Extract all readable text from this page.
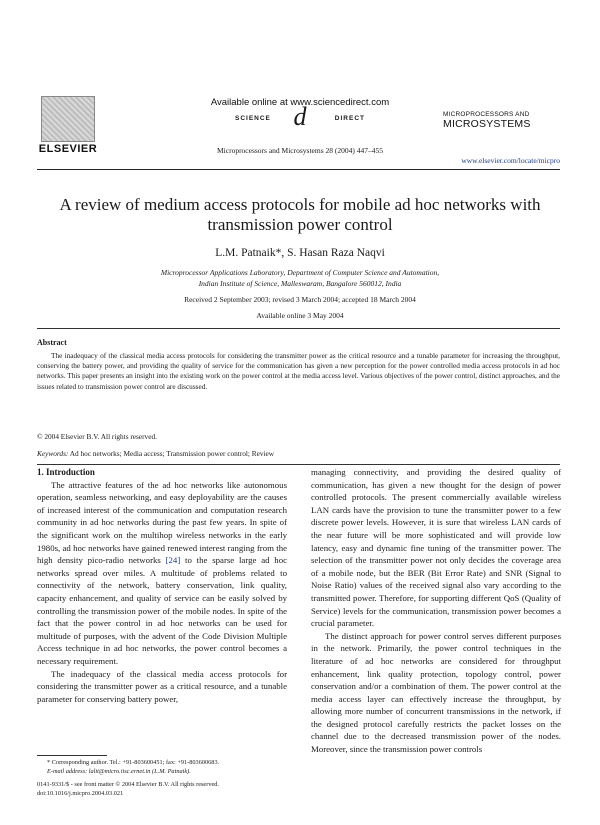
ELSEVIER
Available online at www.sciencedirect.com
SCIENCE d	DIRECT
Microprocessors and Microsystems 28 (2004) 447–455
MICROPROCESSORS AND
MICROSYSTEMS
www.elsevier.com/locate/micpro
A review of medium access protocols for mobile ad hoc networks with transmission power control
L.M. Patnaik*, S. Hasan Raza Naqvi
Microprocessor Applications Laboratory, Department of Computer Science and Automation,
Indian Institute of Science, Malleswaram, Bangalore 560012, India
Received 2 September 2003; revised 3 March 2004; accepted 18 March 2004
Available online 3 May 2004
Abstract
The inadequacy of the classical media access protocols for considering the transmitter power as the critical resource and a tunable parameter for increasing the throughput, conserving the battery power, and providing the quality of service for the communication has given a new perception for the power controlled media access protocols in ad hoc networks. This paper presents an insight into the existing work on the power control at the media access level. Various objectives of the power control, distinct approaches, and the issues related to transmission power control are discussed.
© 2004 Elsevier B.V. All rights reserved.
Keywords: Ad hoc networks; Media access; Transmission power control; Review

1. Introduction

The attractive features of the ad hoc networks like autonomous operation, seamless networking, and easy deployability are the causes of increased interest of the communication and computation research community in ad hoc networks during the past few years. In spite of the significant work on the multihop wireless networks in the early 1980s, ad hoc networks have gained renewed interest ranging from the high density pico-radio networks [24] to the sparse large ad hoc networks spread over miles. A multitude of problems related to connectivity of the network, battery conservation, link quality, capacity enhancement, and quality of service can be easily solved by controlling the transmission power of the mobile nodes. In spite of the fact that the power control in ad hoc networks can be used for multitude of purposes, with the advent of the Code Division Multiple Access technique in ad hoc networks, the power control becomes a necessary requirement.

The inadequacy of the classical media access protocols for considering the transmitter power as a critical resource, and a tunable parameter for conserving battery power,

managing connectivity, and providing the desired quality of communication, has given a new thought for the design of power controlled protocols. The present commercially available wireless LAN cards have the provision to tune the transmitter power to a few discrete power levels. However, it is sure that wireless LAN cards of the near future will be more sophisticated and will provide low latency, easy and dynamic fine tuning of the transmitter power. The selection of the transmitter power not only decides the coverage area of a mobile node, but the BER (Bit Error Rate) and SNR (Signal to Noise Ratio) values of the received signal also vary according to the transmitted power. Therefore, for supporting different QoS (Quality of Service) levels for the communication, transmission power becomes a crucial parameter.

The distinct approach for power control serves different purposes in the network. Primarily, the power control techniques in the literature of ad hoc networks are considered for throughput enhancement, link quality protection, topology control, power conservation and/or a combination of them. The power control at the media access layer can effectively increase the throughput, by allowing more number of concurrent transmissions in the network, if the designed protocol carefully restricts the packet losses on the channel due to the decreased transmission power of the nodes. Moreover, since the transmission power controls

* Corresponding author. Tel.: +91-803600451; fax: +91-803600683.
E-mail address: lalit@micro.iisc.ernet.in (L.M. Patnaik).
0141-9331/$ - see front matter © 2004 Elsevier B.V. All rights reserved.
doi:10.1016/j.micpro.2004.03.021
